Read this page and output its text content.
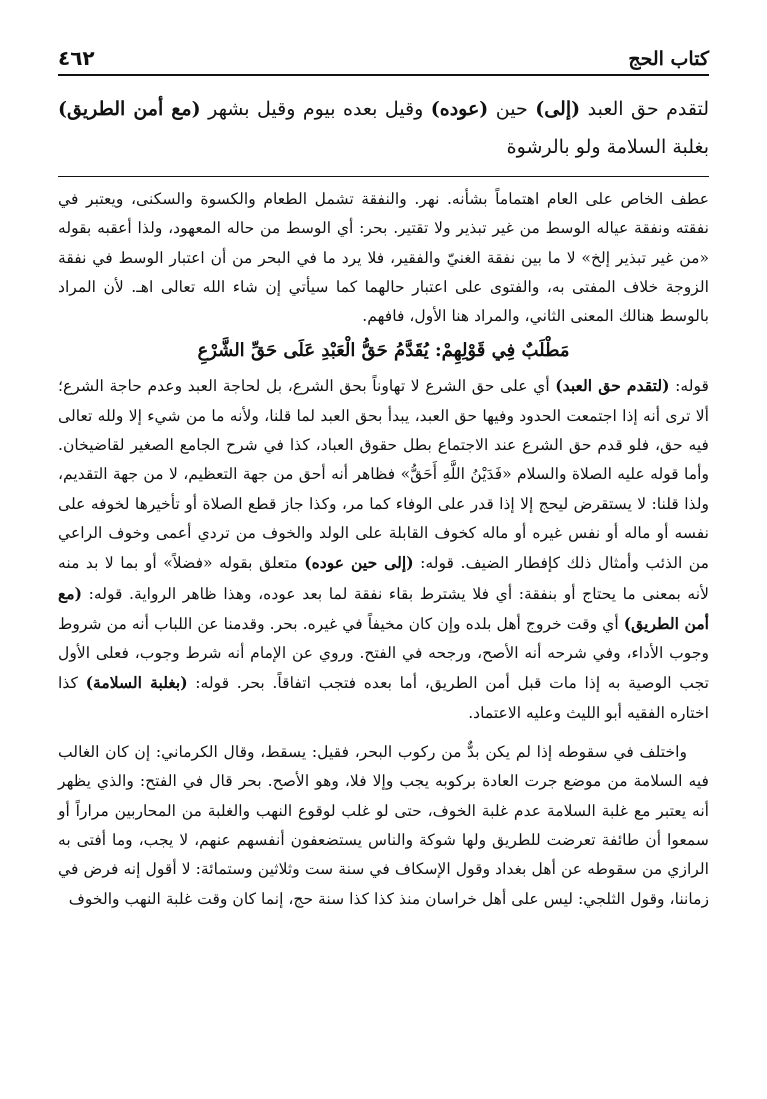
كتاب الحج
٤٦٢
لتقدم حق العبد (إلى) حين (عوده) وقيل بعده بيوم وقيل بشهر (مع أمن الطريق) بغلبة السلامة ولو بالرشوة

عطف الخاص على العام اهتماماً بشأنه. نهر. والنفقة تشمل الطعام والكسوة والسكنى، ويعتبر في نفقته ونفقة عياله الوسط من غير تبذير ولا تقتير. بحر: أي الوسط من حاله المعهود، ولذا أعقبه بقوله «من غير تبذير إلخ» لا ما بين نفقة الغنيّ والفقير، فلا يرد ما في البحر من أن اعتبار الوسط في نفقة الزوجة خلاف المفتى به، والفتوى على اعتبار حالهما كما سيأتي إن شاء الله تعالى اهـ. لأن المراد بالوسط هنالك المعنى الثاني، والمراد هنا الأول، فافهم.

مَطْلَبٌ فِي قَوْلِهِمْ: يُقَدَّمُ حَقُّ الْعَبْدِ عَلَى حَقِّ الشَّرْعِ

قوله: (لتقدم حق العبد) أي على حق الشرع لا تهاوناً بحق الشرع، بل لحاجة العبد وعدم حاجة الشرع؛ ألا ترى أنه إذا اجتمعت الحدود وفيها حق العبد، يبدأ بحق العبد لما قلنا، ولأنه ما من شيء إلا ولله تعالى فيه حق، فلو قدم حق الشرع عند الاجتماع بطل حقوق العباد، كذا في شرح الجامع الصغير لقاضيخان. وأما قوله عليه الصلاة والسلام «فَدَيْنُ اللَّهِ أَحَقُّ» فظاهر أنه أحق من جهة التعظيم، لا من جهة التقديم، ولذا قلنا: لا يستقرض ليحج إلا إذا قدر على الوفاء كما مر، وكذا جاز قطع الصلاة أو تأخيرها لخوفه على نفسه أو ماله أو نفس غيره أو ماله كخوف القابلة على الولد والخوف من تردي أعمى وخوف الراعي من الذئب وأمثال ذلك كإفطار الضيف. قوله: (إلى حين عوده) متعلق بقوله «فضلاً» أو بما لا بد منه لأنه بمعنى ما يحتاج أو بنفقة: أي فلا يشترط بقاء نفقة لما بعد عوده، وهذا ظاهر الرواية. قوله: (مع أمن الطريق) أي وقت خروج أهل بلده وإن كان مخيفاً في غيره. بحر. وقدمنا عن اللباب أنه من شروط وجوب الأداء، وفي شرحه أنه الأصح، ورجحه في الفتح. وروي عن الإمام أنه شرط وجوب، فعلى الأول تجب الوصية به إذا مات قبل أمن الطريق، أما بعده فتجب اتفاقاً. بحر. قوله: (بغلبة السلامة) كذا اختاره الفقيه أبو الليث وعليه الاعتماد.

واختلف في سقوطه إذا لم يكن بدٌّ من ركوب البحر، فقيل: يسقط، وقال الكرماني: إن كان الغالب فيه السلامة من موضع جرت العادة بركوبه يجب وإلا فلا، وهو الأصح. بحر قال في الفتح: والذي يظهر أنه يعتبر مع غلبة السلامة عدم غلبة الخوف، حتى لو غلب لوقوع النهب والغلبة من المحاربين مراراً أو سمعوا أن طائفة تعرضت للطريق ولها شوكة والناس يستضعفون أنفسهم عنهم، لا يجب، وما أفتى به الرازي من سقوطه عن أهل بغداد وقول الإسكاف في سنة ست وثلاثين وستمائة: لا أقول إنه فرض في زماننا، وقول الثلجي: ليس على أهل خراسان منذ كذا كذا سنة حج، إنما كان وقت غلبة النهب والخوف
